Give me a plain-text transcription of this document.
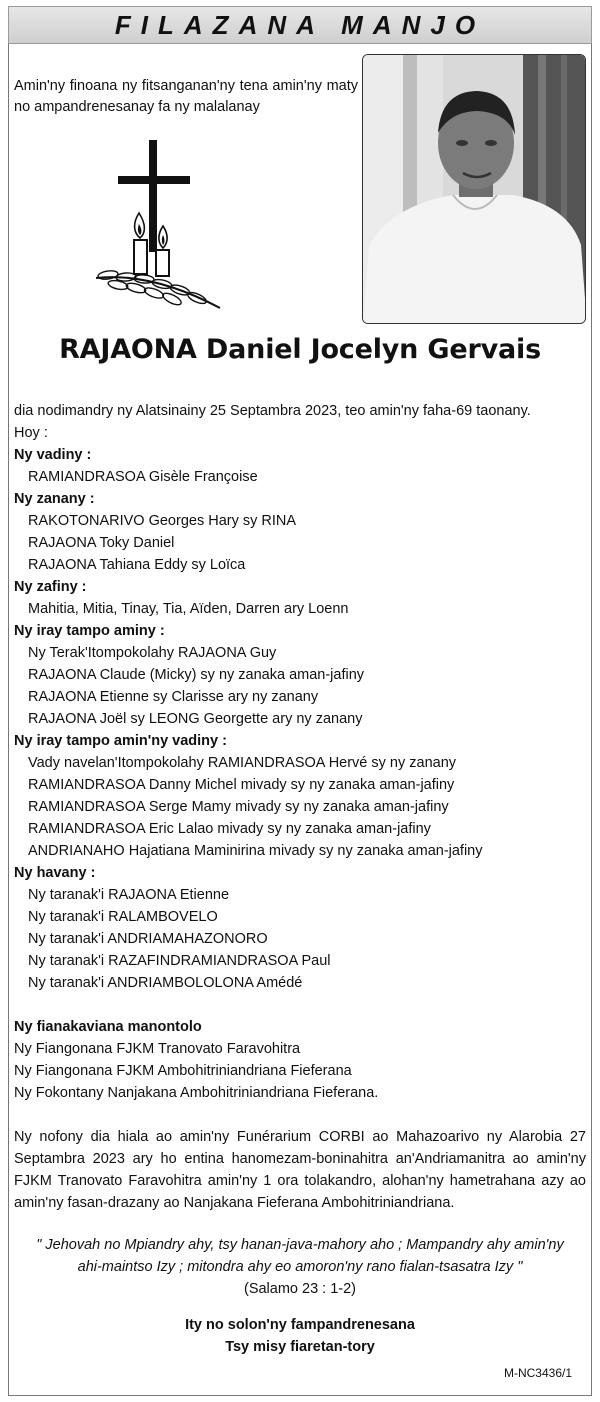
FILAZANA MANJO
Amin'ny finoana ny fitsanganan'ny tena amin'ny maty no ampandrenesanay fa ny malalanay
RAJAONA Daniel Jocelyn Gervais
dia nodimandry ny Alatsinainy 25 Septambra 2023, teo amin'ny faha-69 taonany.
Hoy :
Ny vadiny :
RAMIANDRASOA Gisèle Françoise
Ny zanany :
RAKOTONARIVO Georges Hary sy RINA
RAJAONA Toky Daniel
RAJAONA Tahiana Eddy sy Loïca
Ny zafiny :
Mahitia, Mitia, Tinay, Tia, Aïden, Darren ary Loenn
Ny iray tampo aminy :
Ny Terak'Itompokolahy RAJAONA Guy
RAJAONA Claude (Micky) sy ny zanaka aman-jafiny
RAJAONA Etienne sy Clarisse ary ny zanany
RAJAONA Joël sy LEONG Georgette ary ny zanany
Ny iray tampo amin'ny vadiny :
Vady navelan'Itompokolahy RAMIANDRASOA Hervé sy ny zanany
RAMIANDRASOA Danny Michel mivady sy ny zanaka aman-jafiny
RAMIANDRASOA Serge Mamy mivady sy ny zanaka aman-jafiny
RAMIANDRASOA Eric Lalao mivady sy ny zanaka aman-jafiny
ANDRIANAHO Hajatiana Maminirina mivady sy ny zanaka aman-jafiny
Ny havany :
Ny taranak'i RAJAONA Etienne
Ny taranak'i RALAMBOVELO
Ny taranak'i ANDRIAMAHAZONORO
Ny taranak'i RAZAFINDRAMIANDRASOA Paul
Ny taranak'i ANDRIAMBOLOLONA Amédé
Ny fianakaviana manontolo
Ny Fiangonana FJKM Tranovato Faravohitra
Ny Fiangonana FJKM Ambohitriniandriana Fieferana
Ny Fokontany Nanjakana Ambohitriniandriana Fieferana.
Ny nofony dia hiala ao amin'ny Funérarium CORBI ao Mahazoarivo ny Alarobia 27 Septambra 2023 ary ho entina hanomezam-boninahitra an'Andriamanitra ao amin'ny FJKM Tranovato Faravohitra amin'ny 1 ora tolakandro, alohan'ny hametrahana azy ao amin'ny fasan-drazany ao Nanjakana Fieferana Ambohitriniandriana.
" Jehovah no Mpiandry ahy, tsy hanan-java-mahory aho ; Mampandry ahy amin'ny ahi-maintso Izy ; mitondra ahy eo amoron'ny rano fialan-tsasatra Izy "
(Salamo 23 : 1-2)
Ity no solon'ny fampandrenesana
Tsy misy fiaretan-tory
M-NC3436/1
